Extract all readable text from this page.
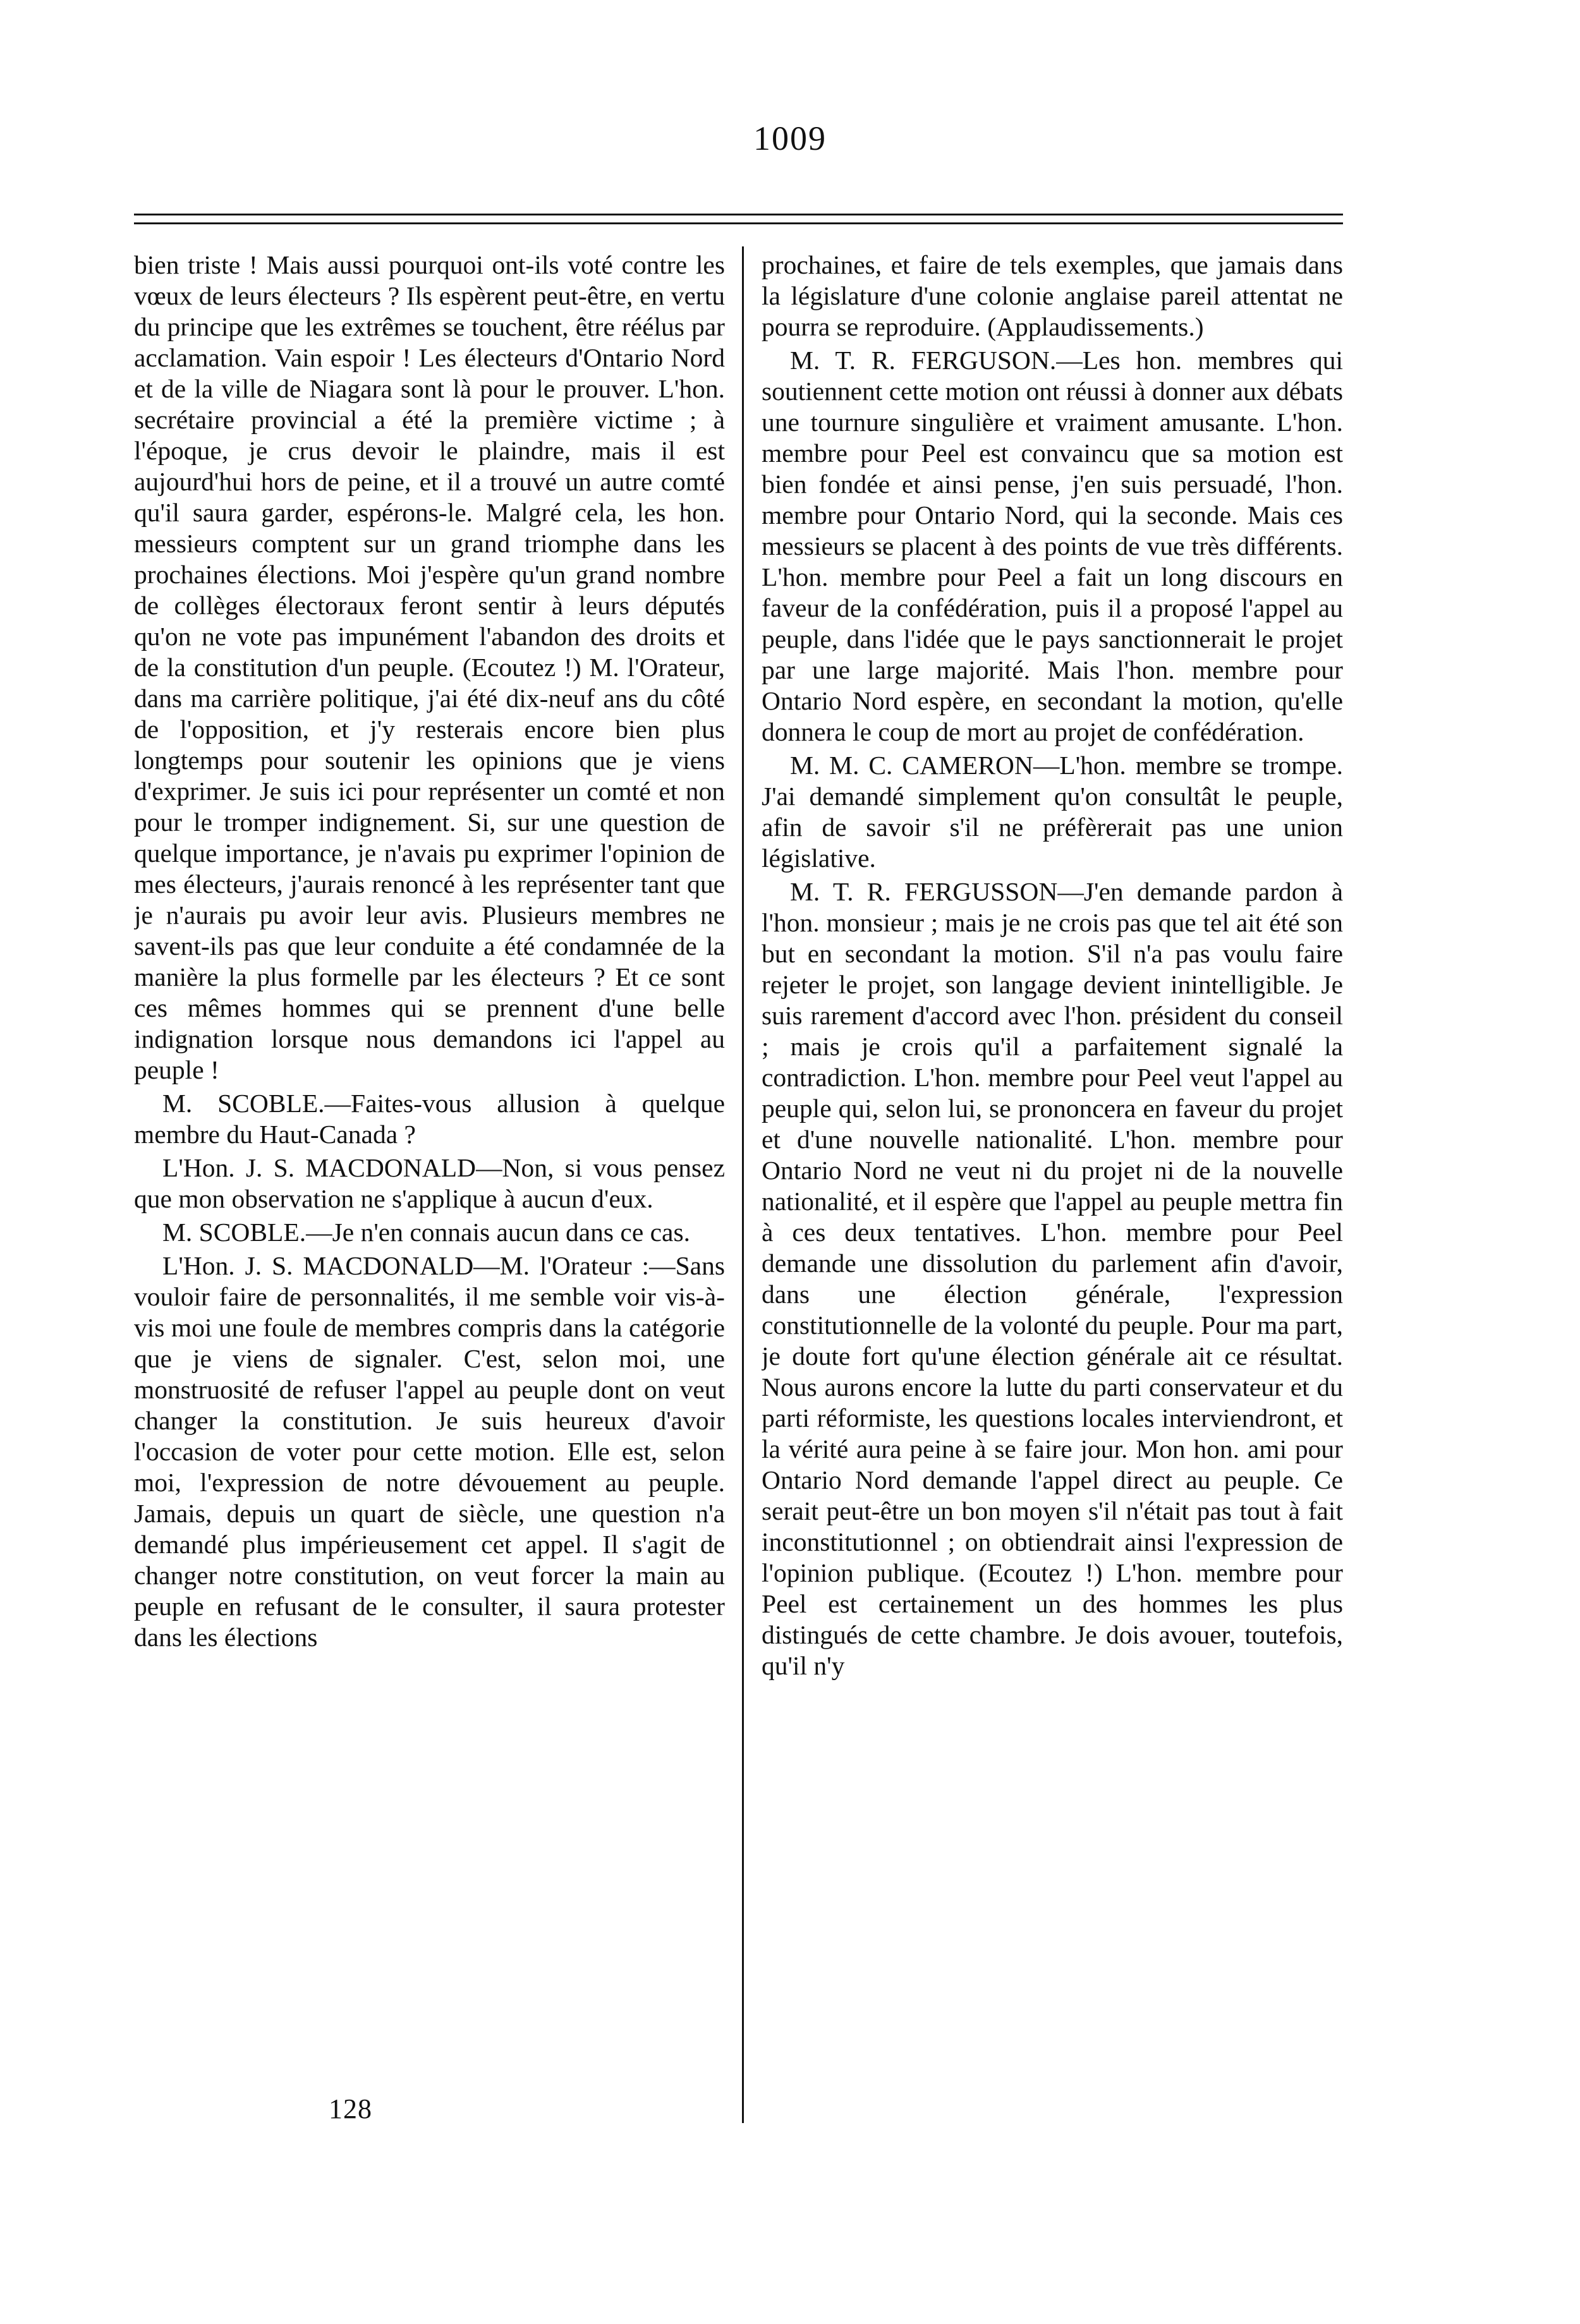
1009

bien triste ! Mais aussi pourquoi ont-ils voté contre les vœux de leurs électeurs ? Ils espèrent peut-être, en vertu du principe que les extrêmes se touchent, être réélus par acclamation. Vain espoir ! Les électeurs d'Ontario Nord et de la ville de Niagara sont là pour le prouver. L'hon. secrétaire provincial a été la première victime ; à l'époque, je crus devoir le plaindre, mais il est aujourd'hui hors de peine, et il a trouvé un autre comté qu'il saura garder, espérons-le. Malgré cela, les hon. messieurs comptent sur un grand triomphe dans les prochaines élections. Moi j'espère qu'un grand nombre de collèges électoraux feront sentir à leurs députés qu'on ne vote pas impunément l'abandon des droits et de la constitution d'un peuple. (Ecoutez !) M. l'Orateur, dans ma carrière politique, j'ai été dix-neuf ans du côté de l'opposition, et j'y resterais encore bien plus longtemps pour soutenir les opinions que je viens d'exprimer. Je suis ici pour représenter un comté et non pour le tromper indignement. Si, sur une question de quelque importance, je n'avais pu exprimer l'opinion de mes électeurs, j'aurais renoncé à les représenter tant que je n'aurais pu avoir leur avis. Plusieurs membres ne savent-ils pas que leur conduite a été condamnée de la manière la plus formelle par les électeurs ? Et ce sont ces mêmes hommes qui se prennent d'une belle indignation lorsque nous demandons ici l'appel au peuple !

M. SCOBLE.—Faites-vous allusion à quelque membre du Haut-Canada ?

L'Hon. J. S. MACDONALD—Non, si vous pensez que mon observation ne s'applique à aucun d'eux.

M. SCOBLE.—Je n'en connais aucun dans ce cas.

L'Hon. J. S. MACDONALD—M. l'Orateur :—Sans vouloir faire de personnalités, il me semble voir vis-à-vis moi une foule de membres compris dans la catégorie que je viens de signaler. C'est, selon moi, une monstruosité de refuser l'appel au peuple dont on veut changer la constitution. Je suis heureux d'avoir l'occasion de voter pour cette motion. Elle est, selon moi, l'expression de notre dévouement au peuple. Jamais, depuis un quart de siècle, une question n'a demandé plus impérieusement cet appel. Il s'agit de changer notre constitution, on veut forcer la main au peuple en refusant de le consulter, il saura protester dans les élections

prochaines, et faire de tels exemples, que jamais dans la législature d'une colonie anglaise pareil attentat ne pourra se reproduire. (Applaudissements.)

M. T. R. FERGUSON.—Les hon. membres qui soutiennent cette motion ont réussi à donner aux débats une tournure singulière et vraiment amusante. L'hon. membre pour Peel est convaincu que sa motion est bien fondée et ainsi pense, j'en suis persuadé, l'hon. membre pour Ontario Nord, qui la seconde. Mais ces messieurs se placent à des points de vue très différents. L'hon. membre pour Peel a fait un long discours en faveur de la confédération, puis il a proposé l'appel au peuple, dans l'idée que le pays sanctionnerait le projet par une large majorité. Mais l'hon. membre pour Ontario Nord espère, en secondant la motion, qu'elle donnera le coup de mort au projet de confédération.

M. M. C. CAMERON—L'hon. membre se trompe. J'ai demandé simplement qu'on consultât le peuple, afin de savoir s'il ne préfèrerait pas une union législative.

M. T. R. FERGUSSON—J'en demande pardon à l'hon. monsieur ; mais je ne crois pas que tel ait été son but en secondant la motion. S'il n'a pas voulu faire rejeter le projet, son langage devient inintelligible. Je suis rarement d'accord avec l'hon. président du conseil ; mais je crois qu'il a parfaitement signalé la contradiction. L'hon. membre pour Peel veut l'appel au peuple qui, selon lui, se prononcera en faveur du projet et d'une nouvelle nationalité. L'hon. membre pour Ontario Nord ne veut ni du projet ni de la nouvelle nationalité, et il espère que l'appel au peuple mettra fin à ces deux tentatives. L'hon. membre pour Peel demande une dissolution du parlement afin d'avoir, dans une élection générale, l'expression constitutionnelle de la volonté du peuple. Pour ma part, je doute fort qu'une élection générale ait ce résultat. Nous aurons encore la lutte du parti conservateur et du parti réformiste, les questions locales interviendront, et la vérité aura peine à se faire jour. Mon hon. ami pour Ontario Nord demande l'appel direct au peuple. Ce serait peut-être un bon moyen s'il n'était pas tout à fait inconstitutionnel ; on obtiendrait ainsi l'expression de l'opinion publique. (Ecoutez !) L'hon. membre pour Peel est certainement un des hommes les plus distingués de cette chambre. Je dois avouer, toutefois, qu'il n'y

128
